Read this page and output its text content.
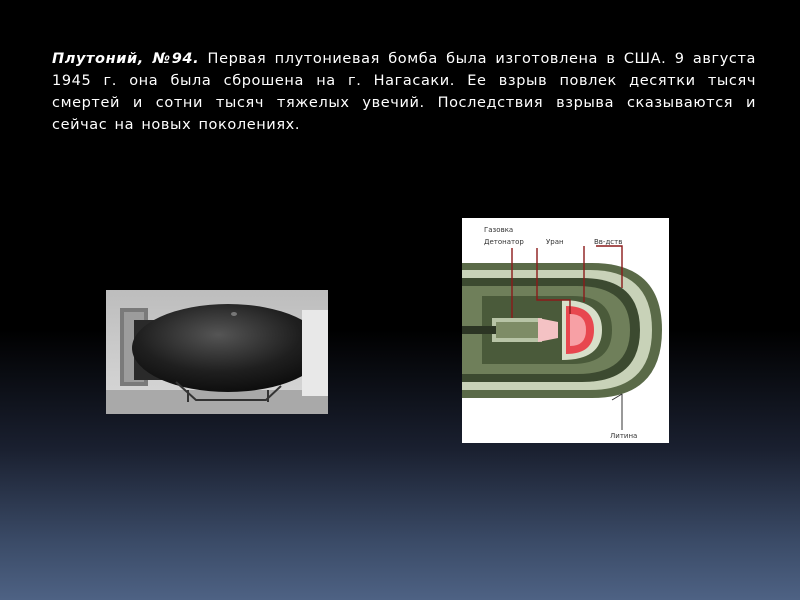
Плутоний, №94. Первая плутониевая бомба была изготовлена в США. 9 августа 1945 г. она была сброшена на г. Нагасаки. Ее взрыв повлек десятки тысяч смертей и сотни тысяч тяжелых увечий. Последствия взрыва сказываются и сейчас на новых поколениях.
Газовка
Детонатор	Уран	Вв-дств
Литина
